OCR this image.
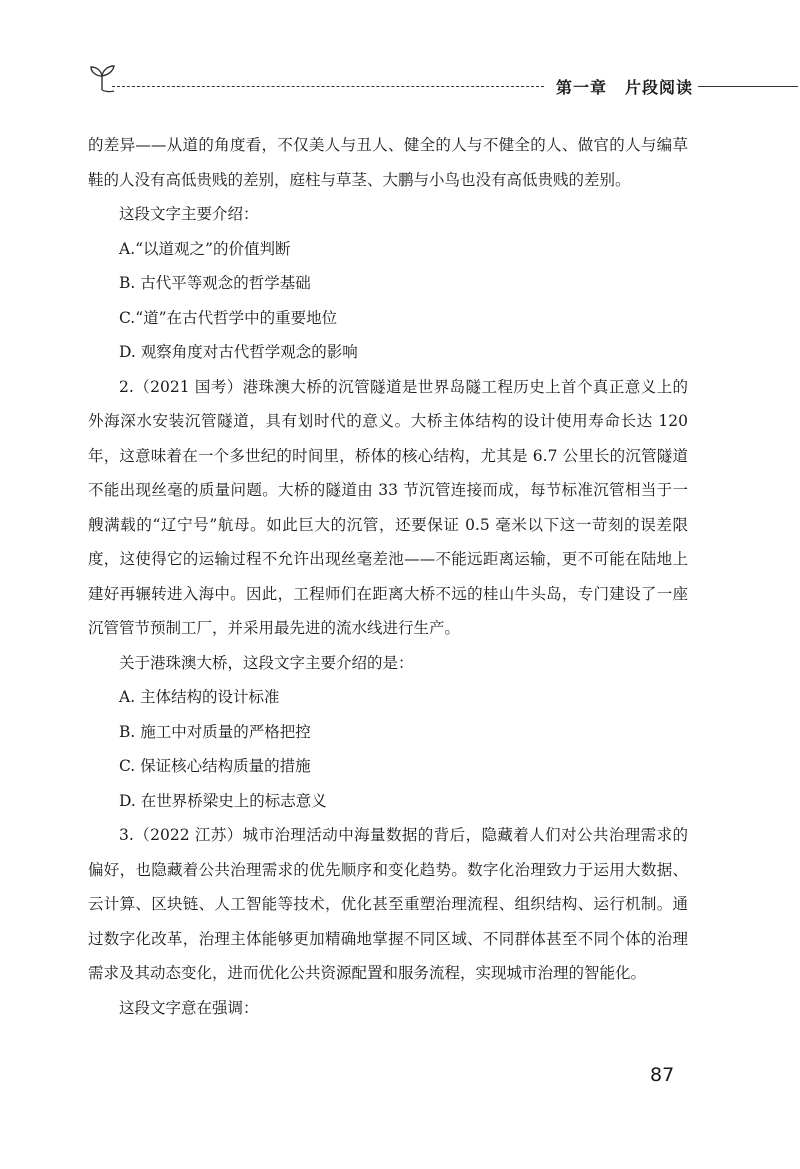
第一章 片段阅读

的差异——从道的角度看，不仅美人与丑人、健全的人与不健全的人、做官的人与编草鞋的人没有高低贵贱的差别，庭柱与草茎、大鹏与小鸟也没有高低贵贱的差别。

这段文字主要介绍：

A.“以道观之”的价值判断

B. 古代平等观念的哲学基础

C.“道”在古代哲学中的重要地位

D. 观察角度对古代哲学观念的影响

2.（2021 国考）港珠澳大桥的沉管隧道是世界岛隧工程历史上首个真正意义上的外海深水安装沉管隧道，具有划时代的意义。大桥主体结构的设计使用寿命长达 120 年，这意味着在一个多世纪的时间里，桥体的核心结构，尤其是 6.7 公里长的沉管隧道不能出现丝毫的质量问题。大桥的隧道由 33 节沉管连接而成，每节标准沉管相当于一艘满载的“辽宁号”航母。如此巨大的沉管，还要保证 0.5 毫米以下这一苛刻的误差限度，这使得它的运输过程不允许出现丝毫差池——不能远距离运输，更不可能在陆地上建好再辗转进入海中。因此，工程师们在距离大桥不远的桂山牛头岛，专门建设了一座沉管管节预制工厂，并采用最先进的流水线进行生产。

关于港珠澳大桥，这段文字主要介绍的是：

A. 主体结构的设计标准

B. 施工中对质量的严格把控

C. 保证核心结构质量的措施

D. 在世界桥梁史上的标志意义

3.（2022 江苏）城市治理活动中海量数据的背后，隐藏着人们对公共治理需求的偏好，也隐藏着公共治理需求的优先顺序和变化趋势。数字化治理致力于运用大数据、云计算、区块链、人工智能等技术，优化甚至重塑治理流程、组织结构、运行机制。通过数字化改革，治理主体能够更加精确地掌握不同区域、不同群体甚至不同个体的治理需求及其动态变化，进而优化公共资源配置和服务流程，实现城市治理的智能化。

这段文字意在强调：

87
